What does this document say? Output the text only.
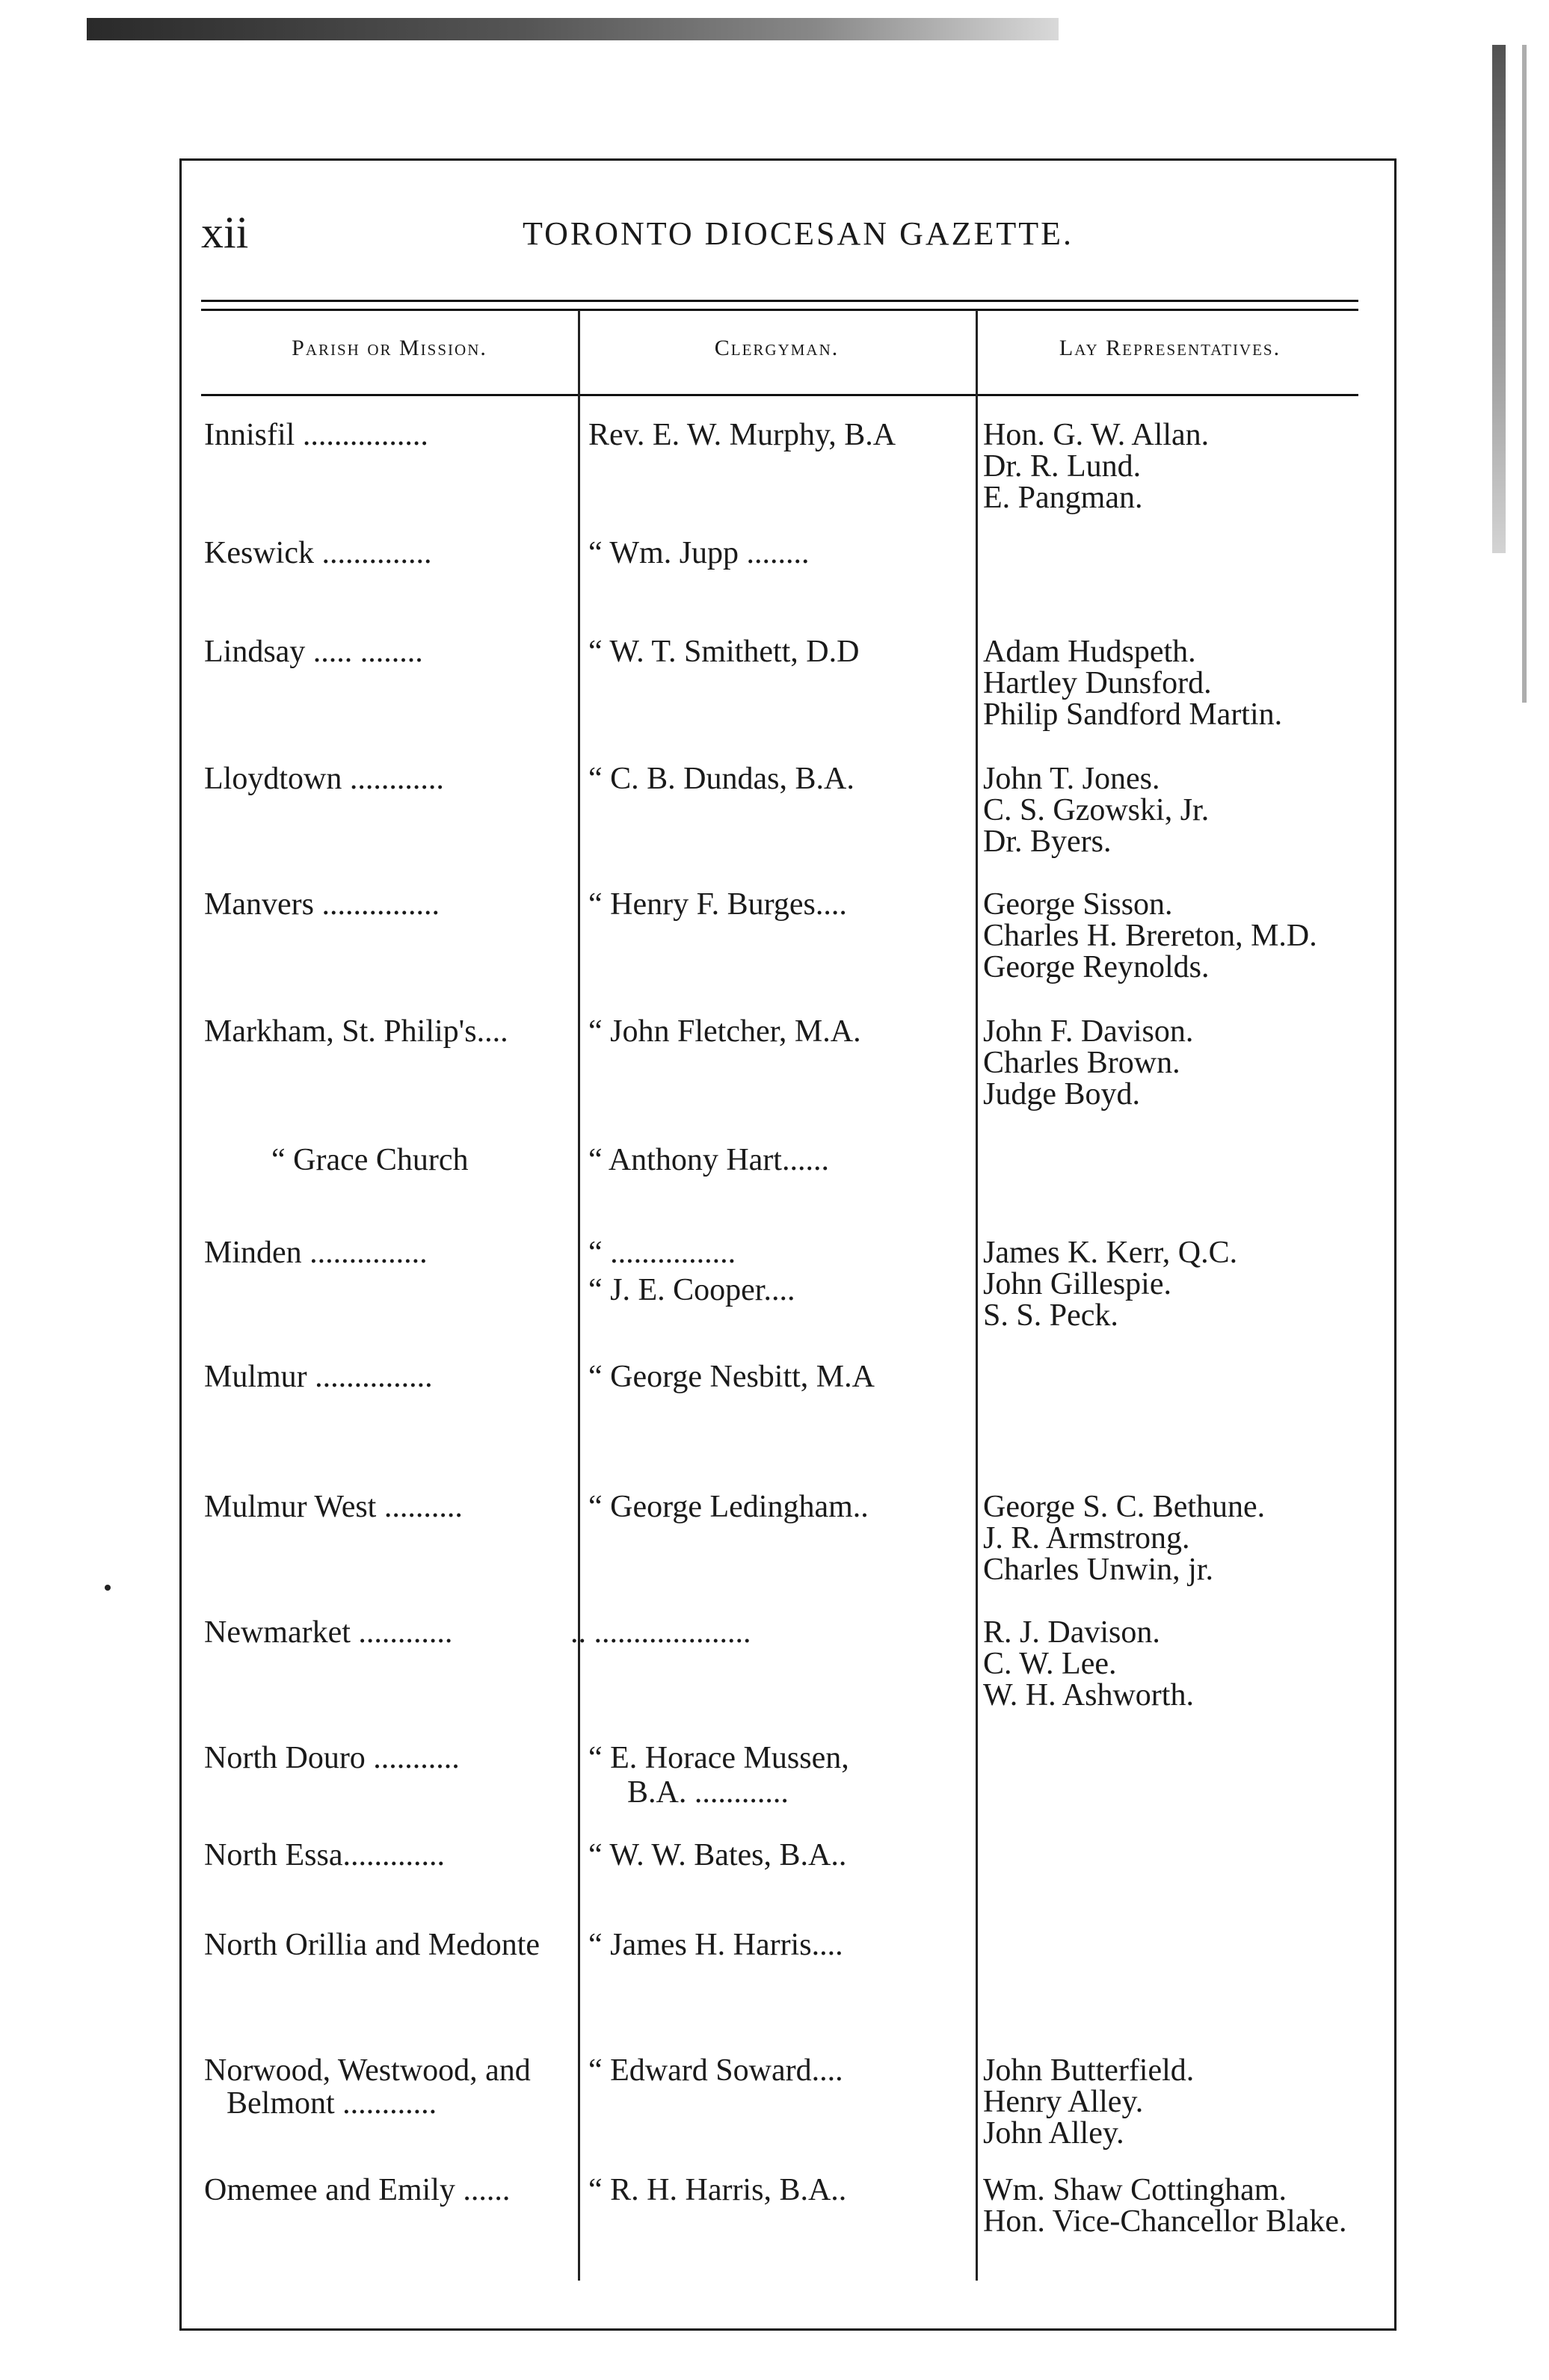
xii	TORONTO DIOCESAN GAZETTE.
Parish or Mission.	Clergyman.	Lay Representatives.
Innisfil ................	Rev. E. W. Murphy, B.A	Hon. G. W. Allan.
Dr. R. Lund.
E. Pangman.
Keswick ..............	“ Wm. Jupp ........
Lindsay ..... ........	“ W. T. Smithett, D.D	Adam Hudspeth.
Hartley Dunsford.
Philip Sandford Martin.
Lloydtown ............	“ C. B. Dundas, B.A.	John T. Jones.
C. S. Gzowski, Jr.
Dr. Byers.
Manvers ...............	“ Henry F. Burges....	George Sisson.
Charles H. Brereton, M.D.
George Reynolds.
Markham, St. Philip's....	“ John Fletcher, M.A.	John F. Davison.
Charles Brown.
Judge Boyd.
“ Grace Church	“ Anthony Hart......
Minden ...............	“ ................
“ J. E. Cooper....
James K. Kerr, Q.C.
John Gillespie.
S. S. Peck.
Mulmur ...............	“ George Nesbitt, M.A
Mulmur West ..........	“ George Ledingham..	George S. C. Bethune.
J. R. Armstrong.
Charles Unwin, jr.
Newmarket ............	.. ....................	R. J. Davison.
C. W. Lee.
W. H. Ashworth.
North Douro ...........	“ E. Horace Mussen,
B.A. ............
North Essa.............	“ W. W. Bates, B.A..
North Orillia and Medonte	“ James H. Harris....
Norwood, Westwood, and
Belmont ............
“ Edward Soward....	John Butterfield.
Henry Alley.
John Alley.
Omemee and Emily ......	“ R. H. Harris, B.A..	Wm. Shaw Cottingham.
Hon. Vice-Chancellor Blake.
